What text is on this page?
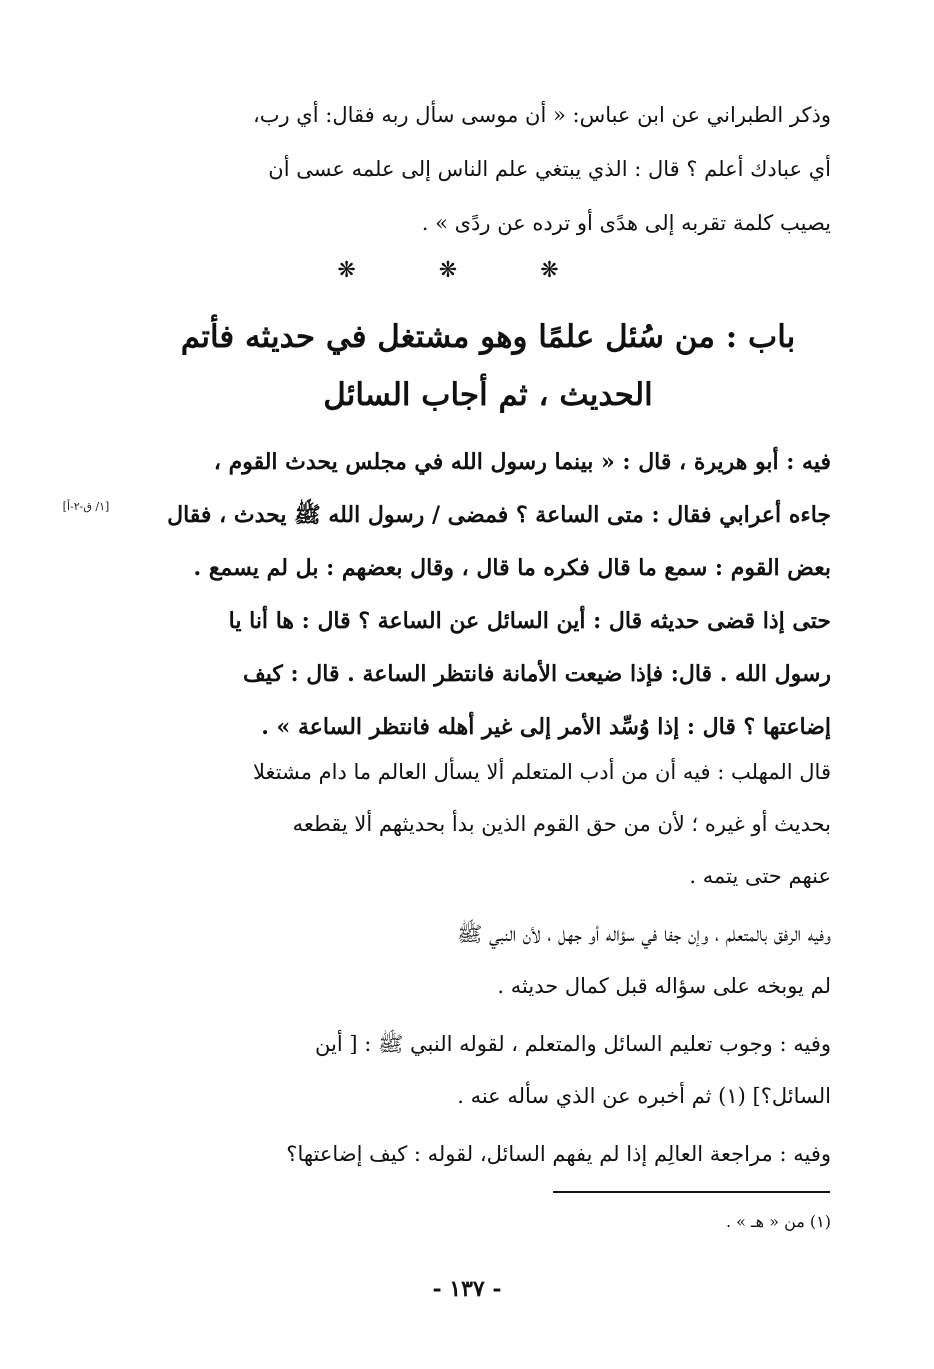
وذكر الطبراني عن ابن عباس: « أن موسى سأل ربه فقال: أي رب،
أي عبادك أعلم ؟ قال : الذي يبتغي علم الناس إلى علمه عسى أن
يصيب كلمة تقربه إلى هدًى أو ترده عن ردًى » .
❋ ❋ ❋
باب : من سُئل علمًا وهو مشتغل في حديثه فأتم
الحديث ، ثم أجاب السائل
فيه : أبو هريرة ، قال : « بينما رسول الله في مجلس يحدث القوم ،
جاءه أعرابي فقال : متى الساعة ؟ فمضى / رسول الله ﷺ يحدث ، فقال
بعض القوم : سمع ما قال فكره ما قال ، وقال بعضهم : بل لم يسمع .
حتى إذا قضى حديثه قال : أين السائل عن الساعة ؟ قال : ها أنا يا
رسول الله . قال: فإذا ضيعت الأمانة فانتظر الساعة . قال : كيف
إضاعتها ؟ قال : إذا وُسِّد الأمر إلى غير أهله فانتظر الساعة » .
[١/ ق-٢-أ]
قال المهلب : فيه أن من أدب المتعلم ألا يسأل العالم ما دام مشتغلا
بحديث أو غيره ؛ لأن من حق القوم الذين بدأ بحديثهم ألا يقطعه
عنهم حتى يتمه .
وفيه الرفق بالمتعلم ، وإن جفا في سؤاله أو جهل ، لأن النبي ﷺ
لم يوبخه على سؤاله قبل كمال حديثه .
وفيه : وجوب تعليم السائل والمتعلم ، لقوله النبي ﷺ : [ أين
السائل؟] (١) ثم أخبره عن الذي سأله عنه .
وفيه : مراجعة العالِم إذا لم يفهم السائل، لقوله : كيف إضاعتها؟

(١) من « هـ » .

- ١٣٧ -
